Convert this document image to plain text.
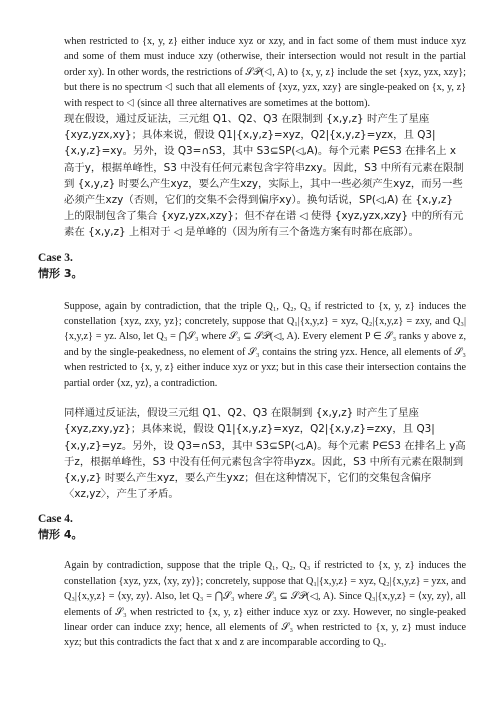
when restricted to {x, y, z} either induce xyz or xzy, and in fact some of them must induce xyz and some of them must induce xzy (otherwise, their intersection would not result in the partial order xy). In other words, the restrictions of 𝒮𝒫(◁, A) to {x, y, z} include the set {xyz, yzx, xzy}; but there is no spectrum ◁ such that all elements of {xyz, yzx, xzy} are single-peaked on {x, y, z} with respect to ◁ (since all three alternatives are sometimes at the bottom).

现在假设，通过反证法，三元组 Q1、Q2、Q3 在限制到 {x,y,z} 时产生了星座 {xyz,yzx,xy}；具体来说，假设 Q1|{x,y,z}=xyz，Q2|{x,y,z}=yzx，且 Q3|{x,y,z}=xy。另外，设 Q3=∩S3，其中 S3⊆SP(◁,A)。每个元素 P∈S3 在排名上 x高于y，根据单峰性，S3 中没有任何元素包含字符串zxy。因此，S3 中所有元素在限制到 {x,y,z} 时要么产生xyz，要么产生xzy，实际上，其中一些必须产生xyz，而另一些必须产生xzy（否则，它们的交集不会得到偏序xy）。换句话说，SP(◁,A) 在 {x,y,z} 上的限制包含了集合 {xyz,yzx,xzy}；但不存在谱 ◁ 使得 {xyz,yzx,xzy} 中的所有元素在 {x,y,z} 上相对于 ◁ 是单峰的（因为所有三个备选方案有时都在底部）。

Case 3.

情形 3。

Suppose, again by contradiction, that the triple Q₁, Q₂, Q₃ if restricted to {x, y, z} induces the constellation {xyz, zxy, yz}; concretely, suppose that Q₁|{x,y,z} = xyz, Q₂|{x,y,z} = zxy, and Q₃|{x,y,z} = yz. Also, let Q₃ = ⋂𝒮₃ where 𝒮₃ ⊆ 𝒮𝒫(◁, A). Every element P ∈ 𝒮₃ ranks y above z, and by the single-peakedness, no element of 𝒮₃ contains the string yzx. Hence, all elements of 𝒮₃ when restricted to {x, y, z} either induce xyz or yxz; but in this case their intersection contains the partial order ⟨xz, yz⟩, a contradiction.

同样通过反证法，假设三元组 Q1、Q2、Q3 在限制到 {x,y,z} 时产生了星座 {xyz,zxy,yz}；具体来说，假设 Q1|{x,y,z}=xyz，Q2|{x,y,z}=zxy，且 Q3|{x,y,z}=yz。另外，设 Q3=∩S3，其中 S3⊆SP(◁,A)。每个元素 P∈S3 在排名上 y高于z，根据单峰性，S3 中没有任何元素包含字符串yzx。因此，S3 中所有元素在限制到 {x,y,z} 时要么产生xyz，要么产生yxz；但在这种情况下，它们的交集包含偏序〈xz,yz〉，产生了矛盾。

Case 4.

情形 4。

Again by contradiction, suppose that the triple Q₁, Q₂, Q₃ if restricted to {x, y, z} induces the constellation {xyz, yzx, ⟨xy, zy⟩}; concretely, suppose that Q₁|{x,y,z} = xyz, Q₂|{x,y,z} = yzx, and Q₃|{x,y,z} = ⟨xy, zy⟩. Also, let Q₃ = ⋂𝒮₃ where 𝒮₃ ⊆ 𝒮𝒫(◁, A). Since Q₃|{x,y,z} = ⟨xy, zy⟩, all elements of 𝒮₃ when restricted to {x, y, z} either induce xyz or zxy. However, no single-peaked linear order can induce zxy; hence, all elements of 𝒮₃ when restricted to {x, y, z} must induce xyz; but this contradicts the fact that x and z are incomparable according to Q₃.
